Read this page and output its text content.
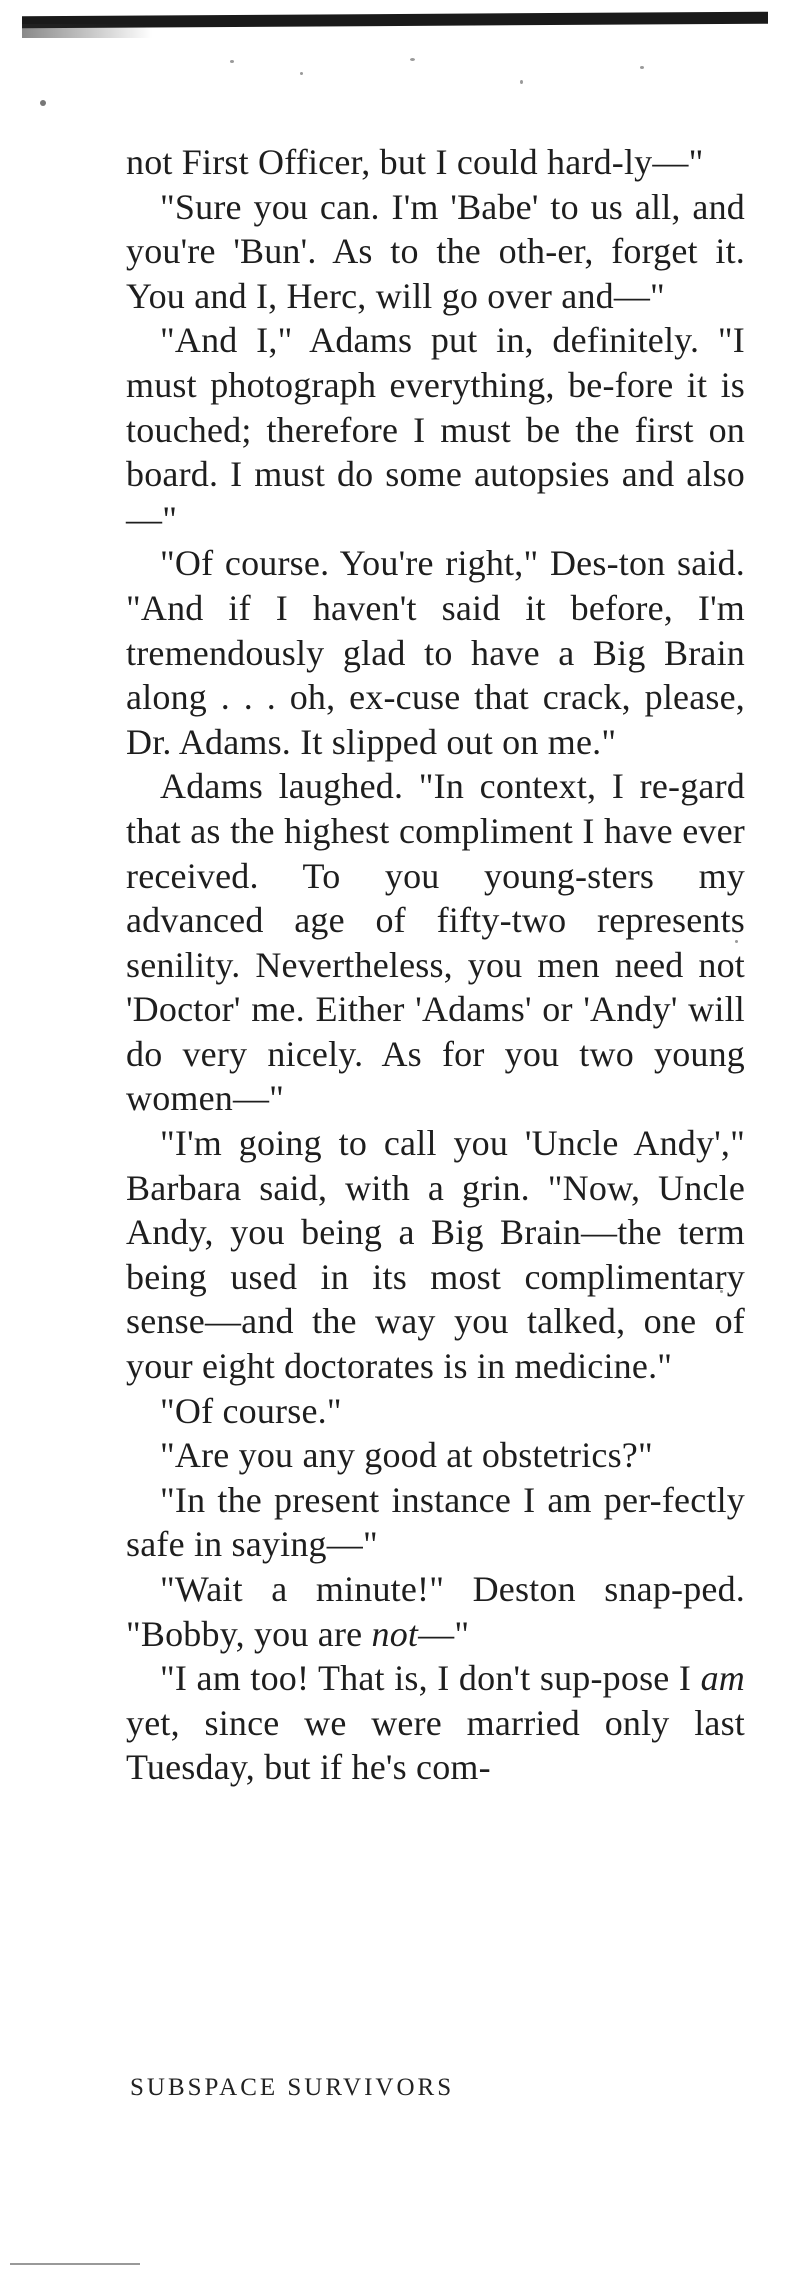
not First Officer, but I could hard-ly—"

"Sure you can. I'm 'Babe' to us all, and you're 'Bun'. As to the oth-er, forget it. You and I, Herc, will go over and—"

"And I," Adams put in, definitely. "I must photograph everything, be-fore it is touched; therefore I must be the first on board. I must do some autopsies and also—"

"Of course. You're right," Des-ton said. "And if I haven't said it before, I'm tremendously glad to have a Big Brain along . . . oh, ex-cuse that crack, please, Dr. Adams. It slipped out on me."

Adams laughed. "In context, I re-gard that as the highest compliment I have ever received. To you young-sters my advanced age of fifty-two represents senility. Nevertheless, you men need not 'Doctor' me. Either 'Adams' or 'Andy' will do very nicely. As for you two young women—"

"I'm going to call you 'Uncle Andy'," Barbara said, with a grin. "Now, Uncle Andy, you being a Big Brain—the term being used in its most complimentary sense—and the way you talked, one of your eight doctorates is in medicine."

"Of course."

"Are you any good at obstetrics?"

"In the present instance I am per-fectly safe in saying—"

"Wait a minute!" Deston snap-ped. "Bobby, you are not—"

"I am too! That is, I don't sup-pose I am yet, since we were married only last Tuesday, but if he's com-

SUBSPACE SURVIVORS
